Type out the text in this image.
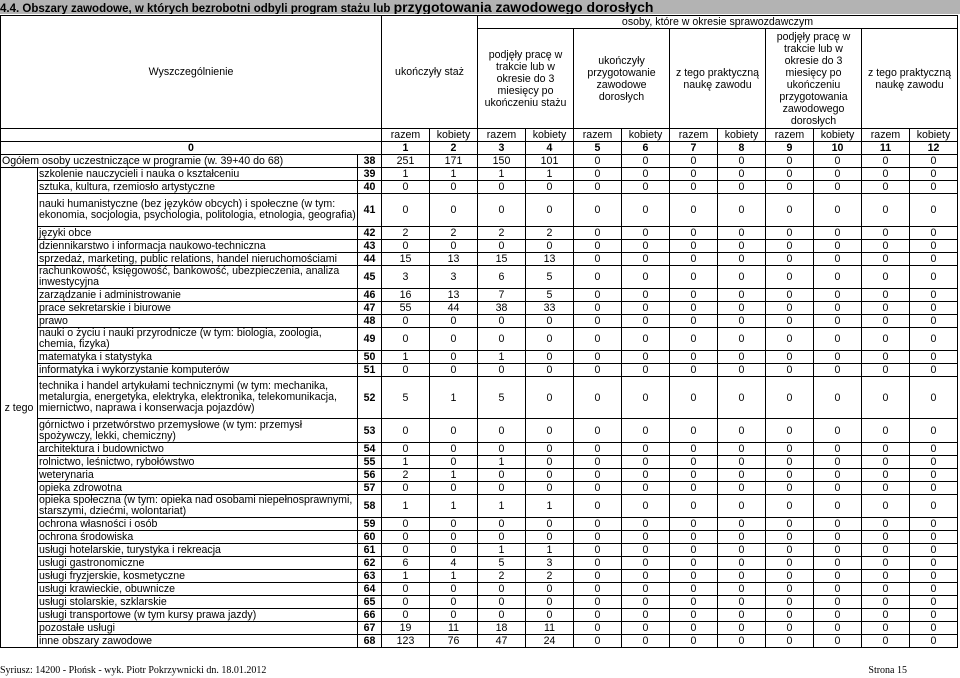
4.4. Obszary zawodowe, w których bezrobotni odbyli program stażu lub przygotowania zawodowego dorosłych
Wyszczególnienie			ukończyły staż		osoby, które w okresie sprawozdawczym									
					podjęły pracę w trakcie lub w okresie do 3 miesięcy po ukończeniu stażu		ukończyły przygotowanie zawodowe dorosłych		z tego praktyczną naukę zawodu		podjęły pracę w trakcie lub w okresie do 3 miesięcy po ukończeniu przygotowania zawodowego dorosłych		z tego praktyczną naukę zawodu	
			razem	kobiety	razem	kobiety	razem	kobiety	razem	kobiety	razem	kobiety	razem	kobiety
0			1	2	3	4	5	6	7	8	9	10	11	12
Ogółem osoby uczestniczące w programie (w. 39+40 do 68)		38	251	171	150	101	0	0	0	0	0	0	0	0
z tego	szkolenie nauczycieli i nauka o kształceniu	39	1	1	1	1	0	0	0	0	0	0	0	0
	sztuka, kultura, rzemiosło artystyczne	40	0	0	0	0	0	0	0	0	0	0	0	0
	nauki humanistyczne (bez języków obcych) i społeczne (w tym: ekonomia, socjologia, psychologia, politologia, etnologia, geografia)	41	0	0	0	0	0	0	0	0	0	0	0	0
	języki obce	42	2	2	2	2	0	0	0	0	0	0	0	0
	dziennikarstwo i informacja naukowo-techniczna	43	0	0	0	0	0	0	0	0	0	0	0	0
	sprzedaż, marketing, public relations, handel nieruchomościami	44	15	13	15	13	0	0	0	0	0	0	0	0
	rachunkowość, księgowość, bankowość, ubezpieczenia, analiza inwestycyjna	45	3	3	6	5	0	0	0	0	0	0	0	0
	zarządzanie i administrowanie	46	16	13	7	5	0	0	0	0	0	0	0	0
	prace sekretarskie i biurowe	47	55	44	38	33	0	0	0	0	0	0	0	0
	prawo	48	0	0	0	0	0	0	0	0	0	0	0	0
	nauki o życiu i nauki przyrodnicze (w tym: biologia, zoologia, chemia, fizyka)	49	0	0	0	0	0	0	0	0	0	0	0	0
	matematyka i statystyka	50	1	0	1	0	0	0	0	0	0	0	0	0
	informatyka i wykorzystanie komputerów	51	0	0	0	0	0	0	0	0	0	0	0	0
	technika i handel artykułami technicznymi (w tym: mechanika, metalurgia, energetyka, elektryka, elektronika, telekomunikacja, miernictwo, naprawa i konserwacja pojazdów)	52	5	1	5	0	0	0	0	0	0	0	0	0
	górnictwo i przetwórstwo przemysłowe (w tym: przemysł spożywczy, lekki, chemiczny)	53	0	0	0	0	0	0	0	0	0	0	0	0
	architektura i budownictwo	54	0	0	0	0	0	0	0	0	0	0	0	0
	rolnictwo, leśnictwo, rybołówstwo	55	1	0	1	0	0	0	0	0	0	0	0	0
	weterynaria	56	2	1	0	0	0	0	0	0	0	0	0	0
	opieka zdrowotna	57	0	0	0	0	0	0	0	0	0	0	0	0
	opieka społeczna (w tym: opieka nad osobami niepełnosprawnymi, starszymi, dziećmi, wolontariat)	58	1	1	1	1	0	0	0	0	0	0	0	0
	ochrona własności i osób	59	0	0	0	0	0	0	0	0	0	0	0	0
	ochrona środowiska	60	0	0	0	0	0	0	0	0	0	0	0	0
	usługi hotelarskie, turystyka i rekreacja	61	0	0	1	1	0	0	0	0	0	0	0	0
	usługi gastronomiczne	62	6	4	5	3	0	0	0	0	0	0	0	0
	usługi fryzjerskie, kosmetyczne	63	1	1	2	2	0	0	0	0	0	0	0	0
	usługi krawieckie, obuwnicze	64	0	0	0	0	0	0	0	0	0	0	0	0
	usługi stolarskie, szklarskie	65	0	0	0	0	0	0	0	0	0	0	0	0
	usługi transportowe (w tym kursy prawa jazdy)	66	0	0	0	0	0	0	0	0	0	0	0	0
	pozostałe usługi	67	19	11	18	11	0	0	0	0	0	0	0	0
	inne obszary zawodowe	68	123	76	47	24	0	0	0	0	0	0	0	0
Syriusz: 14200 - Płońsk - wyk. Piotr Pokrzywnicki dn. 18.01.2012	Strona 15
